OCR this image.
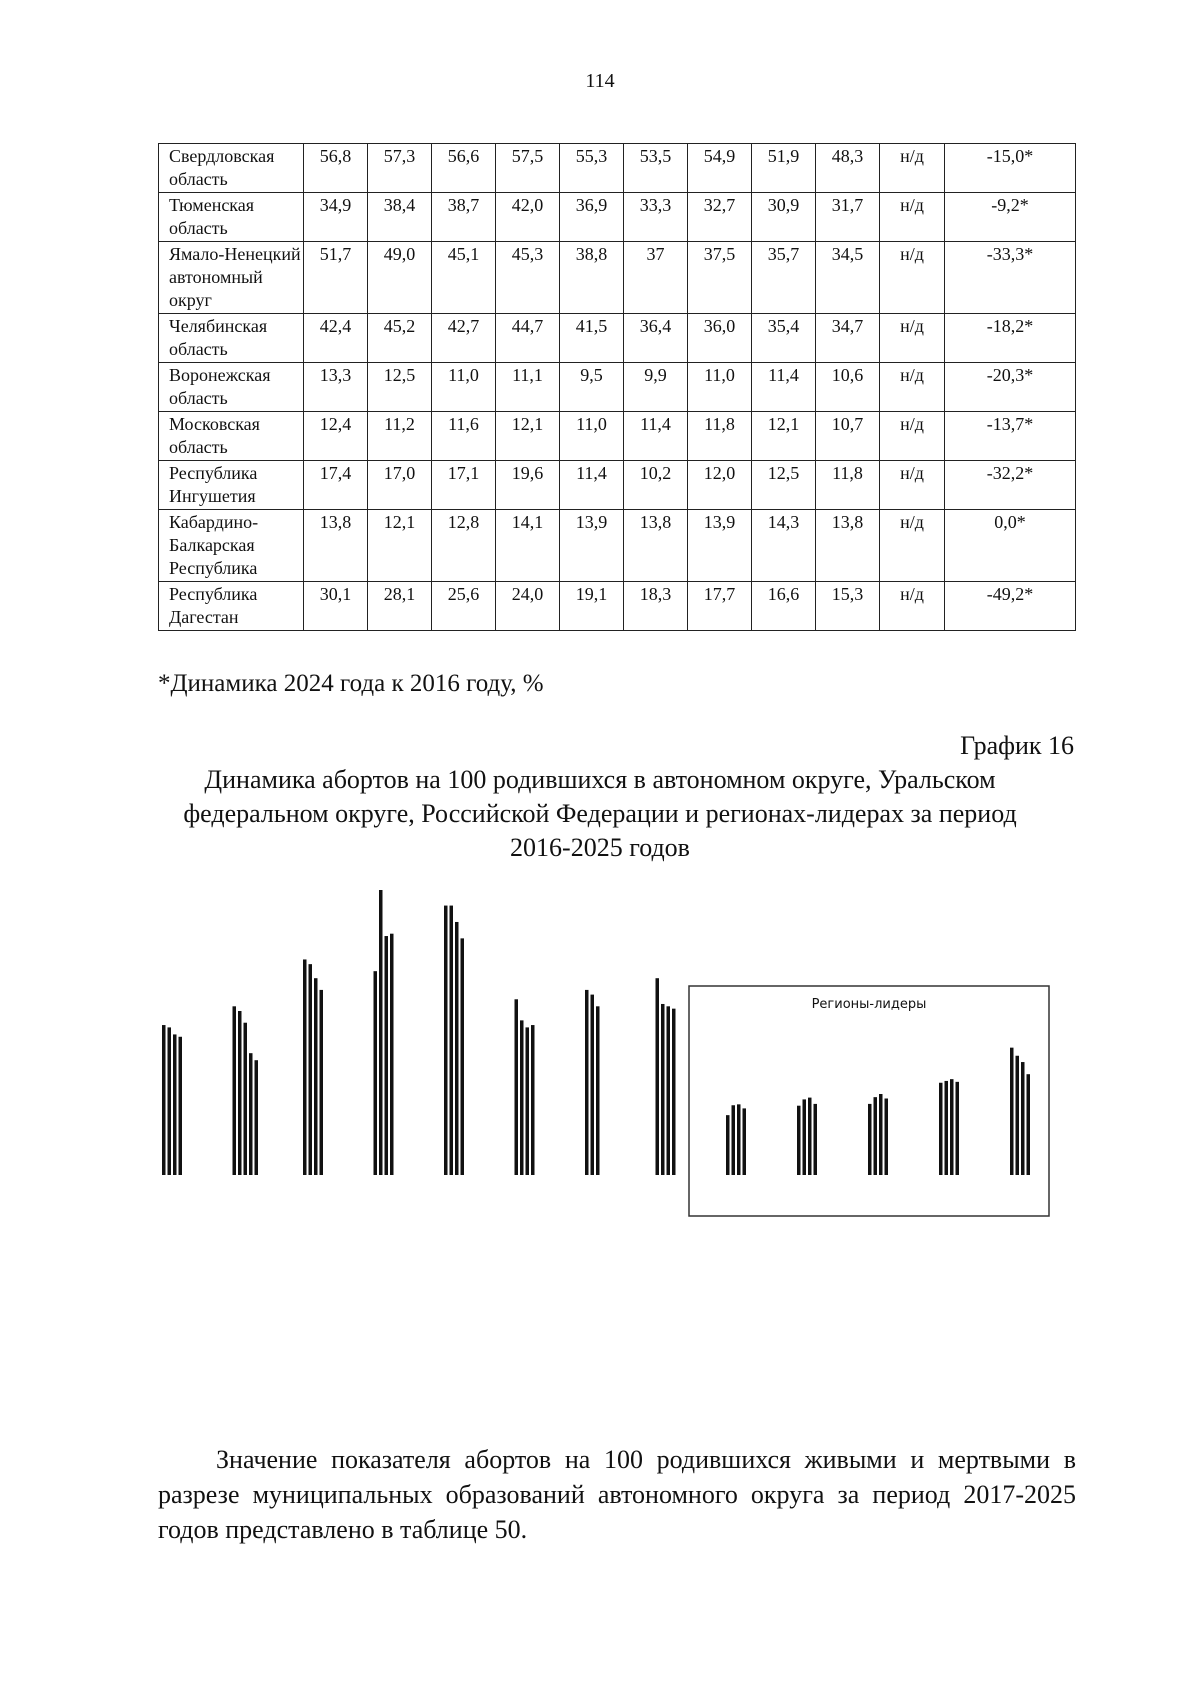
114
Свердловская область	56,8	57,3	56,6	57,5	55,3	53,5	54,9	51,9	48,3	н/д	-15,0*
Тюменская область	34,9	38,4	38,7	42,0	36,9	33,3	32,7	30,9	31,7	н/д	-9,2*
Ямало-Ненецкий автономный округ	51,7	49,0	45,1	45,3	38,8	37	37,5	35,7	34,5	н/д	-33,3*
Челябинская область	42,4	45,2	42,7	44,7	41,5	36,4	36,0	35,4	34,7	н/д	-18,2*
Воронежская область	13,3	12,5	11,0	11,1	9,5	9,9	11,0	11,4	10,6	н/д	-20,3*
Московская область	12,4	11,2	11,6	12,1	11,0	11,4	11,8	12,1	10,7	н/д	-13,7*
Республика Ингушетия	17,4	17,0	17,1	19,6	11,4	10,2	12,0	12,5	11,8	н/д	-32,2*
Кабардино-Балкарская Республика	13,8	12,1	12,8	14,1	13,9	13,8	13,9	14,3	13,8	н/д	0,0*
Республика Дагестан	30,1	28,1	25,6	24,0	19,1	18,3	17,7	16,6	15,3	н/д	-49,2*
*Динамика 2024 года к 2016 году, %
График 16
Динамика абортов на 100 родившихся в автономном округе, Уральском федеральном округе, Российской Федерации и регионах-лидерах за период 2016-2025 годов
Регионы-лидеры
Значение показателя абортов на 100 родившихся живыми и мертвыми в разрезе муниципальных образований автономного округа за период 2017-2025 годов представлено в таблице 50.
